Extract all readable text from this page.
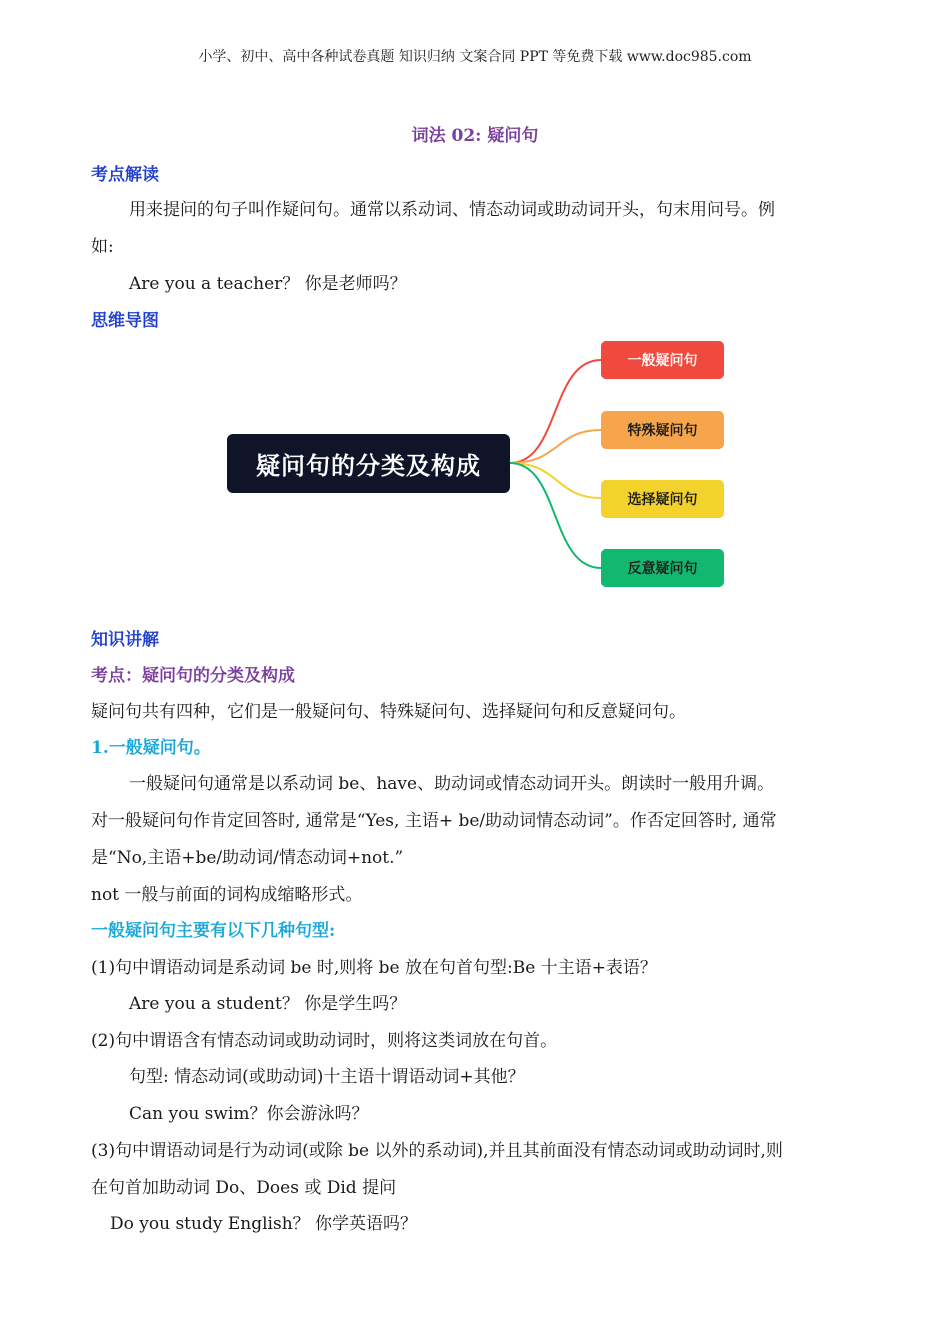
小学、初中、高中各种试卷真题 知识归纳 文案合同 PPT 等免费下载 www.doc985.com
词法 02: 疑问句
考点解读
用来提问的句子叫作疑问句。通常以系动词、情态动词或助动词开头，句末用问号。例
如:
Are you a teacher？ 你是老师吗？
思维导图
疑问句的分类及构成
一般疑问句
特殊疑问句
选择疑问句
反意疑问句
知识讲解
考点：疑问句的分类及构成
疑问句共有四种，它们是一般疑问句、特殊疑问句、选择疑问句和反意疑问句。
1.一般疑问句。
一般疑问句通常是以系动词 be、have、助动词或情态动词开头。朗读时一般用升调。
对一般疑问句作肯定回答时, 通常是“Yes, 主语+ be/助动词情态动词”。作否定回答时, 通常
是“No,主语+be/助动词/情态动词+not.”
not 一般与前面的词构成缩略形式。
一般疑问句主要有以下几种句型:
(1)句中谓语动词是系动词 be 时,则将 be 放在句首句型:Be 十主语+表语？
Are you a student？ 你是学生吗？
(2)句中谓语含有情态动词或助动词时，则将这类词放在句首。
句型: 情态动词(或助动词)十主语十谓语动词+其他？
Can you swim？你会游泳吗？
(3)句中谓语动词是行为动词(或除 be 以外的系动词),并且其前面没有情态动词或助动词时,则
在句首加助动词 Do、Does 或 Did 提问
Do you study English？ 你学英语吗？
